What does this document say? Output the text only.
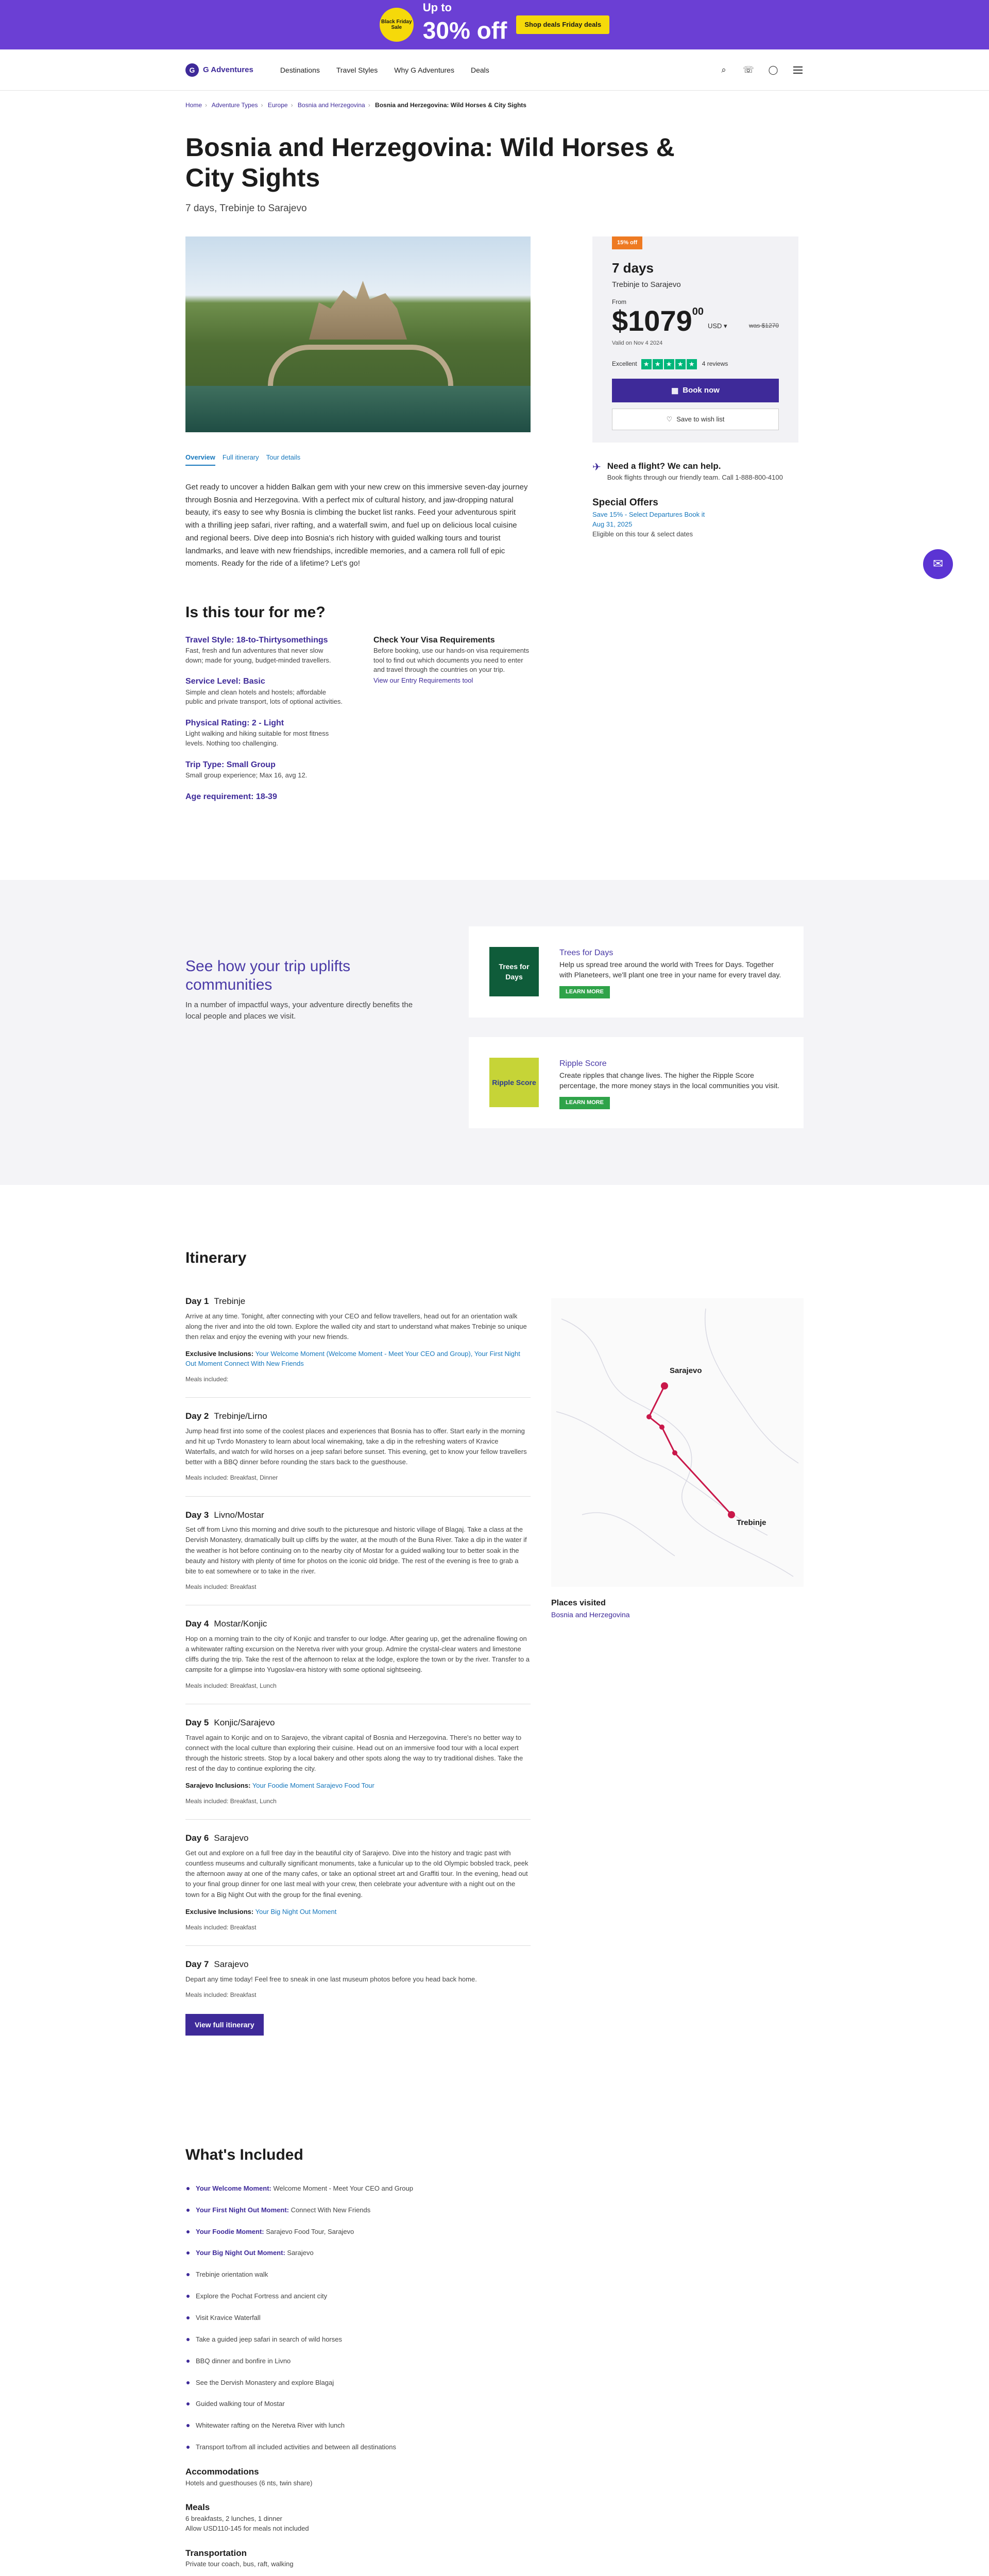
Black Friday Sale
Up to
30% off	Shop deals Friday deals
G	G Adventures	Destinations Travel Styles Why G Adventures Deals	⌕	☏ ◯
Home › Adventure Types › Europe › Bosnia and Herzegovina › Bosnia and Herzegovina: Wild Horses & City Sights
Bosnia and Herzegovina: Wild Horses & City Sights
7 days, Trebinje to Sarajevo
Overview Full itinerary Tour details

Get ready to uncover a hidden Balkan gem with your new crew on this immersive seven-day journey through Bosnia and Herzegovina. With a perfect mix of cultural history, and jaw-dropping natural beauty, it's easy to see why Bosnia is climbing the bucket list ranks. Feed your adventurous spirit with a thrilling jeep safari, river rafting, and a waterfall swim, and fuel up on delicious local cuisine and regional beers. Dive deep into Bosnia's rich history with guided walking tours and tourist landmarks, and leave with new friendships, incredible memories, and a camera roll full of epic moments. Ready for the ride of a lifetime? Let's go!

Is this tour for me?
Travel Style: 18-to-Thirtysomethings

Fast, fresh and fun adventures that never slow down; made for young, budget-minded travellers.

Service Level: Basic

Simple and clean hotels and hostels; affordable public and private transport, lots of optional activities.

Physical Rating: 2 - Light

Light walking and hiking suitable for most fitness levels. Nothing too challenging.

Trip Type: Small Group

Small group experience; Max 16, avg 12.

Age requirement: 18-39
Check Your Visa Requirements

Before booking, use our hands-on visa requirements tool to find out which documents you need to enter and travel through the countries on your trip.

View our Entry Requirements tool
15% off
7 days
Trebinje to Sarajevo
From
$1079$^{00}$
USD ▾	was $1270
Valid on Nov 4 2024
Excellent ★ ★ ★ ★ ★	4 reviews
▦ Book now
♡ Save to wish list
✈ Need a flight? We can help.

Book flights through our friendly team. Call 1-888-800-4100

Special Offers

Save 15% - Select Departures Book it

Aug 31, 2025

Eligible on this tour & select dates

✉
See how your trip uplifts communities

In a number of impactful ways, your adventure directly benefits the local people and places we visit.

Trees for Days
Trees for Days

Help us spread tree around the world with Trees for Days. Together with Planeteers, we'll plant one tree in your name for every travel day.

LEARN MORE
Ripple Score
Ripple Score

Create ripples that change lives. The higher the Ripple Score percentage, the more money stays in the local communities you visit.

LEARN MORE
Itinerary
Day 1 Trebinje

Arrive at any time. Tonight, after connecting with your CEO and fellow travellers, head out for an orientation walk along the river and into the old town. Explore the walled city and start to understand what makes Trebinje so unique then relax and enjoy the evening with your new friends.

Exclusive Inclusions: Your Welcome Moment (Welcome Moment - Meet Your CEO and Group), Your First Night Out Moment Connect With New Friends
Meals included:
Day 2 Trebinje/Lirno

Jump head first into some of the coolest places and experiences that Bosnia has to offer. Start early in the morning and hit up Tvrdo Monastery to learn about local winemaking, take a dip in the refreshing waters of Kravice Waterfalls, and watch for wild horses on a jeep safari before sunset. This evening, get to know your fellow travellers better with a BBQ dinner before rounding the stars back to the guesthouse.

Meals included: Breakfast, Dinner
Day 3 Livno/Mostar

Set off from Livno this morning and drive south to the picturesque and historic village of Blagaj. Take a class at the Dervish Monastery, dramatically built up cliffs by the water, at the mouth of the Buna River. Take a dip in the water if the weather is hot before continuing on to the nearby city of Mostar for a guided walking tour to better soak in the beauty and history with plenty of time for photos on the iconic old bridge. The rest of the evening is free to grab a bite to eat somewhere or to take in the river.

Meals included: Breakfast
Day 4 Mostar/Konjic

Hop on a morning train to the city of Konjic and transfer to our lodge. After gearing up, get the adrenaline flowing on a whitewater rafting excursion on the Neretva river with your group. Admire the crystal-clear waters and limestone cliffs during the trip. Take the rest of the afternoon to relax at the lodge, explore the town or by the river. Transfer to a campsite for a glimpse into Yugoslav-era history with some optional sightseeing.

Meals included: Breakfast, Lunch
Day 5 Konjic/Sarajevo

Travel again to Konjic and on to Sarajevo, the vibrant capital of Bosnia and Herzegovina. There's no better way to connect with the local culture than exploring their cuisine. Head out on an immersive food tour with a local expert through the historic streets. Stop by a local bakery and other spots along the way to try traditional dishes. Take the rest of the day to continue exploring the city.

Sarajevo Inclusions: Your Foodie Moment Sarajevo Food Tour
Meals included: Breakfast, Lunch
Day 6 Sarajevo

Get out and explore on a full free day in the beautiful city of Sarajevo. Dive into the history and tragic past with countless museums and culturally significant monuments, take a funicular up to the old Olympic bobsled track, peek the afternoon away at one of the many cafes, or take an optional street art and Graffiti tour. In the evening, head out to your final group dinner for one last meal with your crew, then celebrate your adventure with a night out on the town for a Big Night Out with the group for the final evening.

Exclusive Inclusions: Your Big Night Out Moment
Meals included: Breakfast
Day 7 Sarajevo

Depart any time today! Feel free to sneak in one last museum photos before you head back home.

Meals included: Breakfast
View full itinerary
Sarajevo
Trebinje
Places visited
Bosnia and Herzegovina
What's Included
Your Welcome Moment: Welcome Moment - Meet Your CEO and Group
Your First Night Out Moment: Connect With New Friends
Your Foodie Moment: Sarajevo Food Tour, Sarajevo
Your Big Night Out Moment: Sarajevo
Trebinje orientation walk
Explore the Pochat Fortress and ancient city
Visit Kravice Waterfall
Take a guided jeep safari in search of wild horses
BBQ dinner and bonfire in Livno
See the Dervish Monastery and explore Blagaj
Guided walking tour of Mostar
Whitewater rafting on the Neretva River with lunch
Transport to/from all included activities and between all destinations
Accommodations

Hotels and guesthouses (6 nts, twin share)

Meals

6 breakfasts, 2 lunches, 1 dinner
Allow USD110-145 for meals not included

Transportation

Private tour coach, bus, raft, walking
